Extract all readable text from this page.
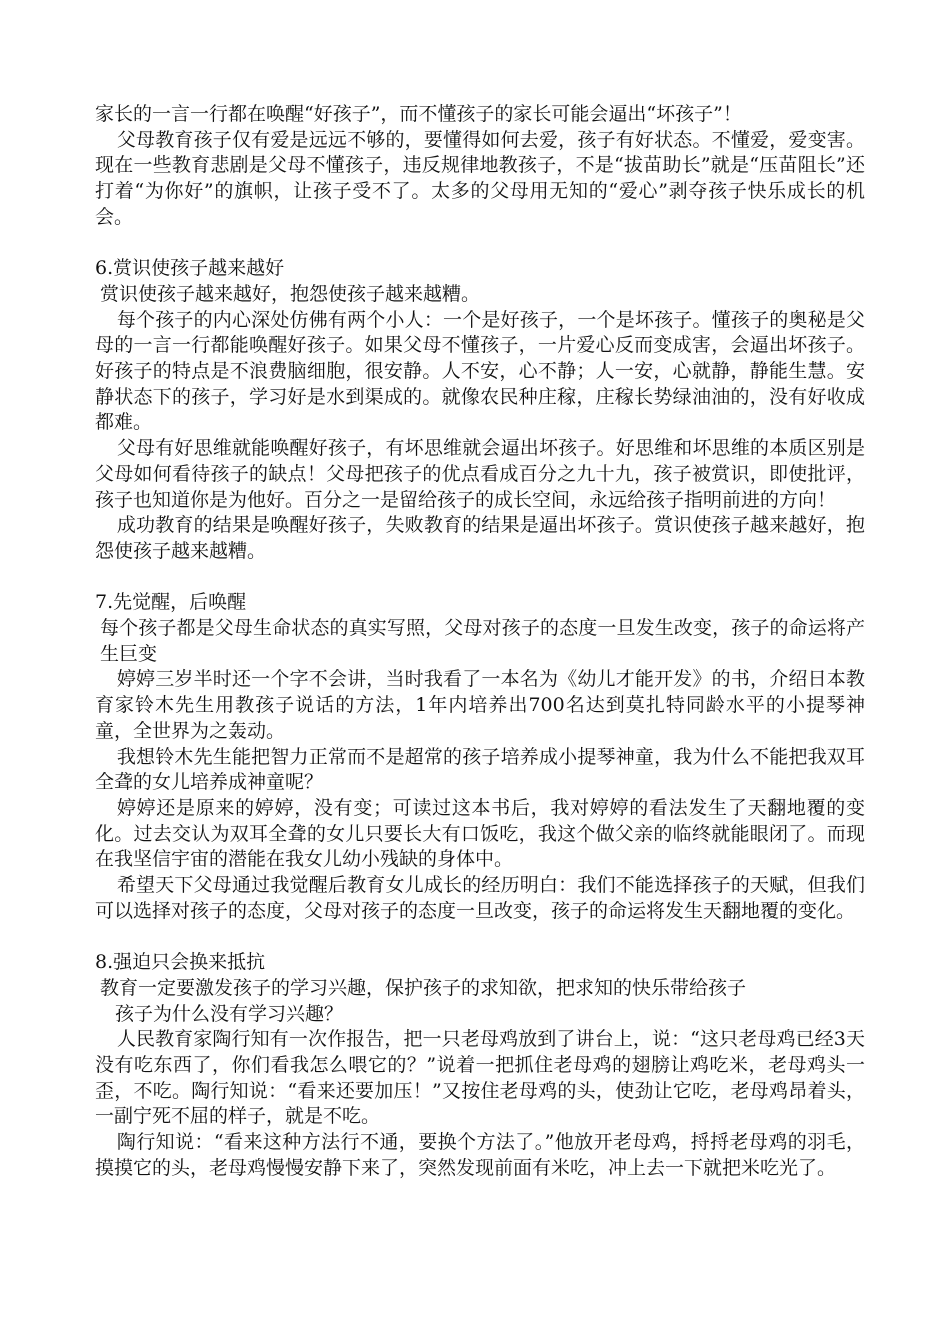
家长的一言一行都在唤醒“好孩子”，而不懂孩子的家长可能会逼出“坏孩子”！

父母教育孩子仅有爱是远远不够的，要懂得如何去爱，孩子有好状态。不懂爱，爱变害。现在一些教育悲剧是父母不懂孩子，违反规律地教孩子，不是“拔苗助长”就是“压苗阻长”还打着“为你好”的旗帜，让孩子受不了。太多的父母用无知的“爱心”剥夺孩子快乐成长的机会。

6.赏识使孩子越来越好

赏识使孩子越来越好，抱怨使孩子越来越糟。

每个孩子的内心深处仿佛有两个小人：一个是好孩子，一个是坏孩子。懂孩子的奥秘是父母的一言一行都能唤醒好孩子。如果父母不懂孩子，一片爱心反而变成害，会逼出坏孩子。好孩子的特点是不浪费脑细胞，很安静。人不安，心不静；人一安，心就静，静能生慧。安静状态下的孩子，学习好是水到渠成的。就像农民种庄稼，庄稼长势绿油油的，没有好收成都难。

父母有好思维就能唤醒好孩子，有坏思维就会逼出坏孩子。好思维和坏思维的本质区别是父母如何看待孩子的缺点！父母把孩子的优点看成百分之九十九，孩子被赏识，即使批评，孩子也知道你是为他好。百分之一是留给孩子的成长空间，永远给孩子指明前进的方向！

成功教育的结果是唤醒好孩子，失败教育的结果是逼出坏孩子。赏识使孩子越来越好，抱怨使孩子越来越糟。

7.先觉醒，后唤醒

每个孩子都是父母生命状态的真实写照，父母对孩子的态度一旦发生改变，孩子的命运将产生巨变

婷婷三岁半时还一个字不会讲，当时我看了一本名为《幼儿才能开发》的书，介绍日本教育家铃木先生用教孩子说话的方法，1年内培养出700名达到莫扎特同龄水平的小提琴神童，全世界为之轰动。

我想铃木先生能把智力正常而不是超常的孩子培养成小提琴神童，我为什么不能把我双耳全聋的女儿培养成神童呢？

婷婷还是原来的婷婷，没有变；可读过这本书后，我对婷婷的看法发生了天翻地覆的变化。过去交认为双耳全聋的女儿只要长大有口饭吃，我这个做父亲的临终就能眼闭了。而现在我坚信宇宙的潜能在我女儿幼小残缺的身体中。

希望天下父母通过我觉醒后教育女儿成长的经历明白：我们不能选择孩子的天赋，但我们可以选择对孩子的态度，父母对孩子的态度一旦改变，孩子的命运将发生天翻地覆的变化。

8.强迫只会换来抵抗

教育一定要激发孩子的学习兴趣，保护孩子的求知欲，把求知的快乐带给孩子

孩子为什么没有学习兴趣？

人民教育家陶行知有一次作报告，把一只老母鸡放到了讲台上，说：“这只老母鸡已经3天没有吃东西了，你们看我怎么喂它的？”说着一把抓住老母鸡的翅膀让鸡吃米，老母鸡头一歪，不吃。陶行知说：“看来还要加压！”又按住老母鸡的头，使劲让它吃，老母鸡昂着头，一副宁死不屈的样子，就是不吃。

陶行知说：“看来这种方法行不通，要换个方法了。”他放开老母鸡，捋捋老母鸡的羽毛，摸摸它的头，老母鸡慢慢安静下来了，突然发现前面有米吃，冲上去一下就把米吃光了。
